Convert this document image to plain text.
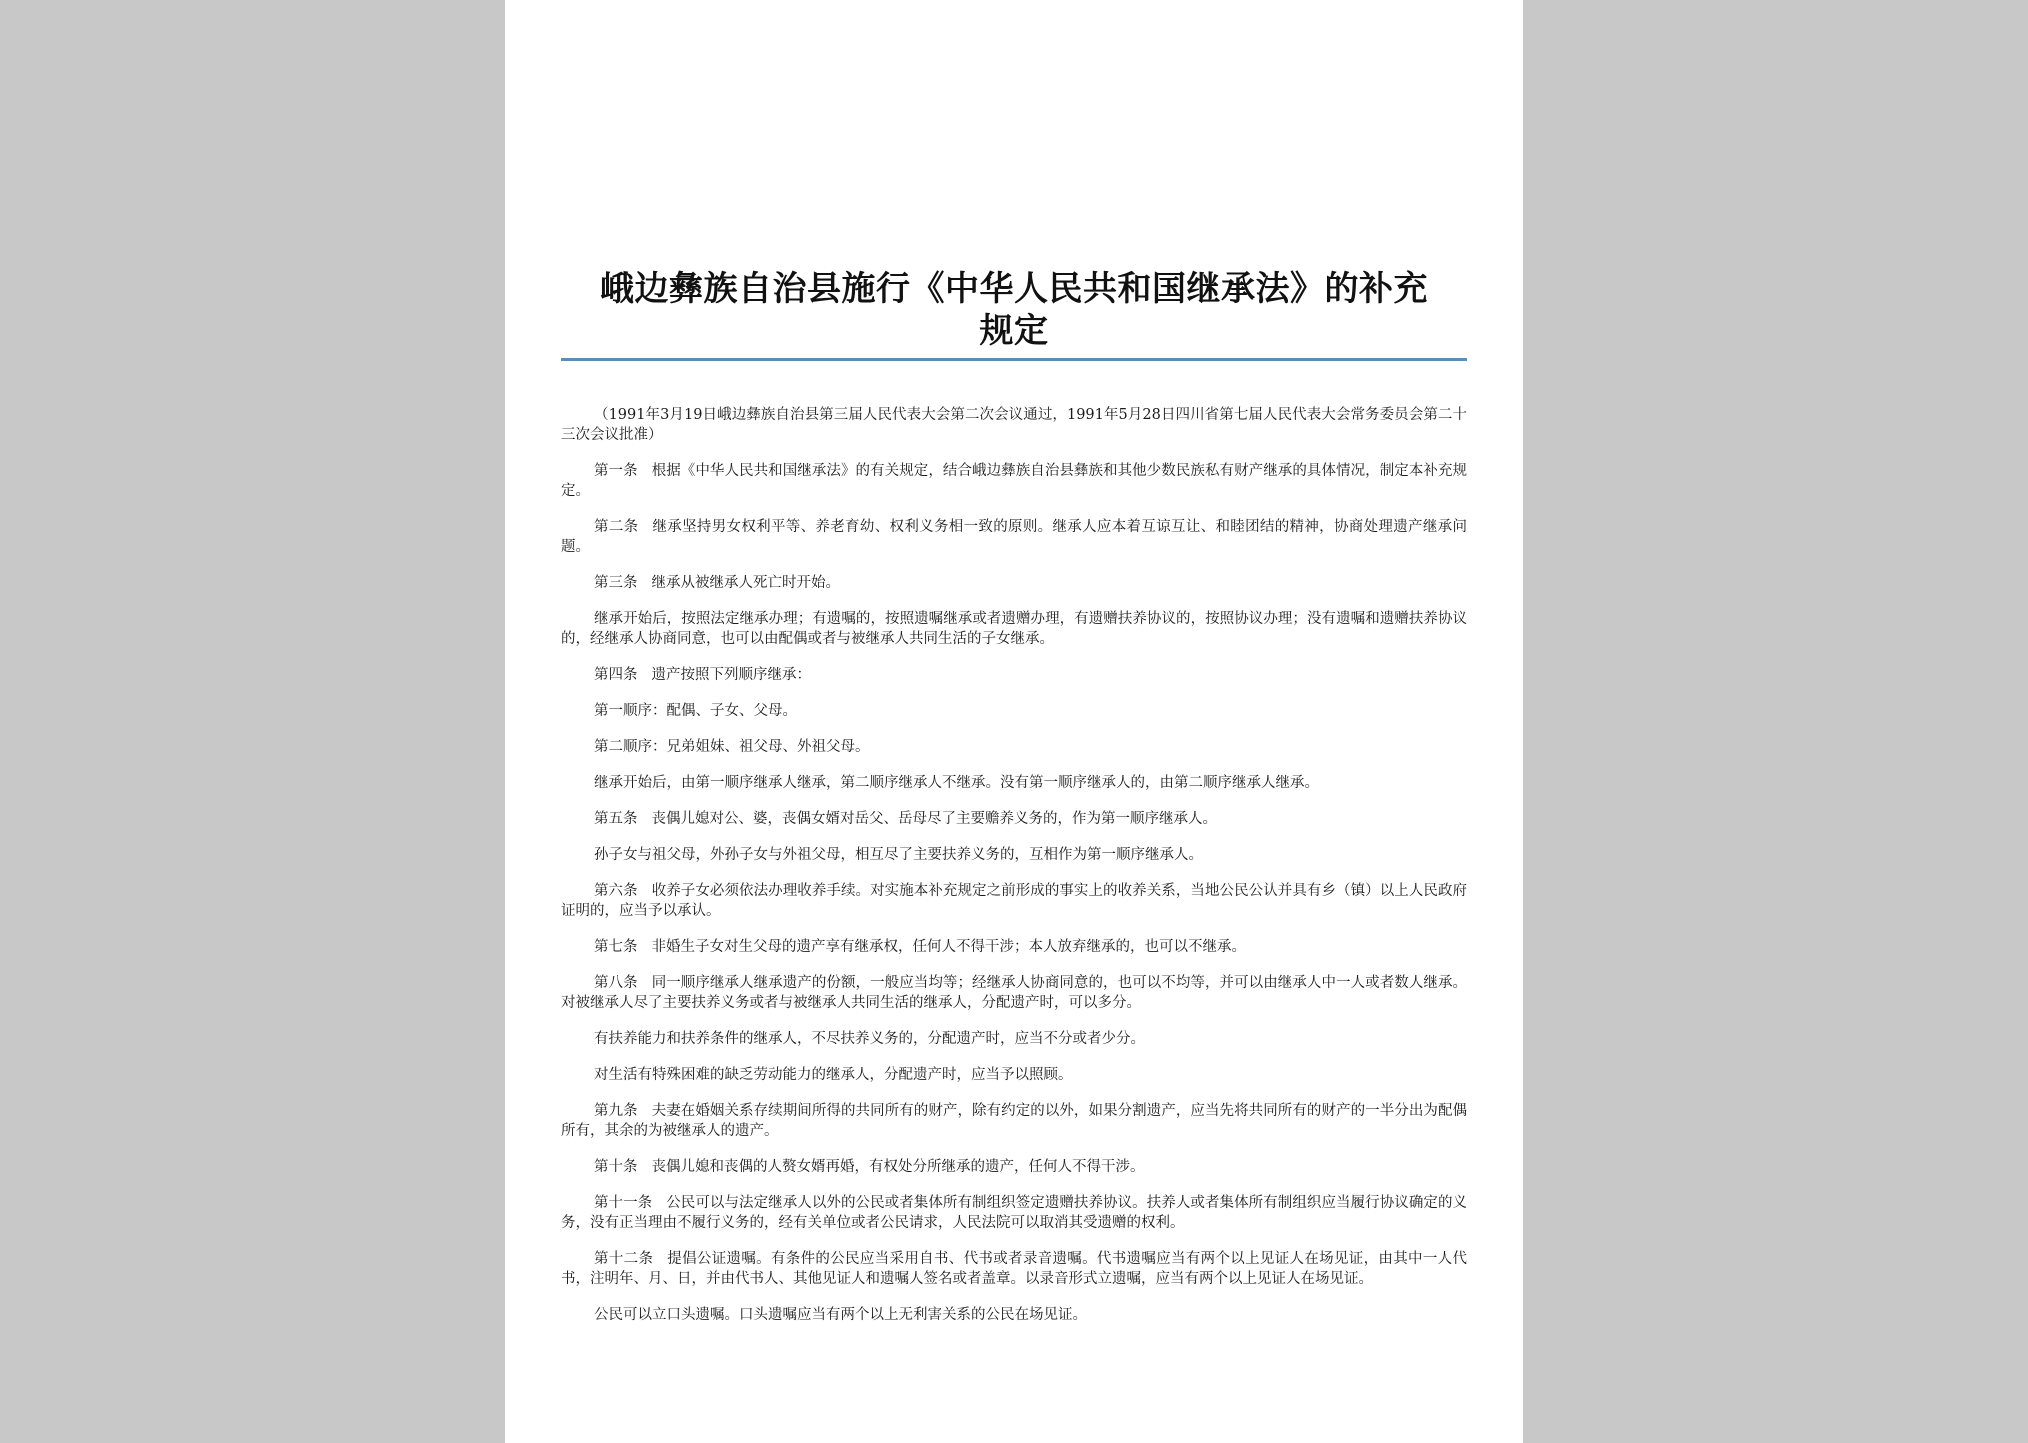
峨边彝族自治县施行《中华人民共和国继承法》的补充
规定

（1991年3月19日峨边彝族自治县第三届人民代表大会第二次会议通过，1991年5月28日四川省第七届人民代表大会常务委员会第二十三次会议批准）

第一条 根据《中华人民共和国继承法》的有关规定，结合峨边彝族自治县彝族和其他少数民族私有财产继承的具体情况，制定本补充规定。

第二条 继承坚持男女权利平等、养老育幼、权利义务相一致的原则。继承人应本着互谅互让、和睦团结的精神，协商处理遗产继承问题。

第三条 继承从被继承人死亡时开始。

继承开始后，按照法定继承办理；有遗嘱的，按照遗嘱继承或者遗赠办理，有遗赠扶养协议的，按照协议办理；没有遗嘱和遗赠扶养协议的，经继承人协商同意，也可以由配偶或者与被继承人共同生活的子女继承。

第四条 遗产按照下列顺序继承：

第一顺序：配偶、子女、父母。

第二顺序：兄弟姐妹、祖父母、外祖父母。

继承开始后，由第一顺序继承人继承，第二顺序继承人不继承。没有第一顺序继承人的，由第二顺序继承人继承。

第五条 丧偶儿媳对公、婆，丧偶女婿对岳父、岳母尽了主要赡养义务的，作为第一顺序继承人。

孙子女与祖父母，外孙子女与外祖父母，相互尽了主要扶养义务的，互相作为第一顺序继承人。

第六条 收养子女必须依法办理收养手续。对实施本补充规定之前形成的事实上的收养关系，当地公民公认并具有乡（镇）以上人民政府证明的，应当予以承认。

第七条 非婚生子女对生父母的遗产享有继承权，任何人不得干涉；本人放弃继承的，也可以不继承。

第八条 同一顺序继承人继承遗产的份额，一般应当均等；经继承人协商同意的，也可以不均等，并可以由继承人中一人或者数人继承。对被继承人尽了主要扶养义务或者与被继承人共同生活的继承人，分配遗产时，可以多分。

有扶养能力和扶养条件的继承人，不尽扶养义务的，分配遗产时，应当不分或者少分。

对生活有特殊困难的缺乏劳动能力的继承人，分配遗产时，应当予以照顾。

第九条 夫妻在婚姻关系存续期间所得的共同所有的财产，除有约定的以外，如果分割遗产，应当先将共同所有的财产的一半分出为配偶所有，其余的为被继承人的遗产。

第十条 丧偶儿媳和丧偶的人赘女婿再婚，有权处分所继承的遗产，任何人不得干涉。

第十一条 公民可以与法定继承人以外的公民或者集体所有制组织签定遗赠扶养协议。扶养人或者集体所有制组织应当履行协议确定的义务，没有正当理由不履行义务的，经有关单位或者公民请求，人民法院可以取消其受遗赠的权利。

第十二条 提倡公证遗嘱。有条件的公民应当采用自书、代书或者录音遗嘱。代书遗嘱应当有两个以上见证人在场见证，由其中一人代书，注明年、月、日，并由代书人、其他见证人和遗嘱人签名或者盖章。以录音形式立遗嘱，应当有两个以上见证人在场见证。

公民可以立口头遗嘱。口头遗嘱应当有两个以上无利害关系的公民在场见证。
